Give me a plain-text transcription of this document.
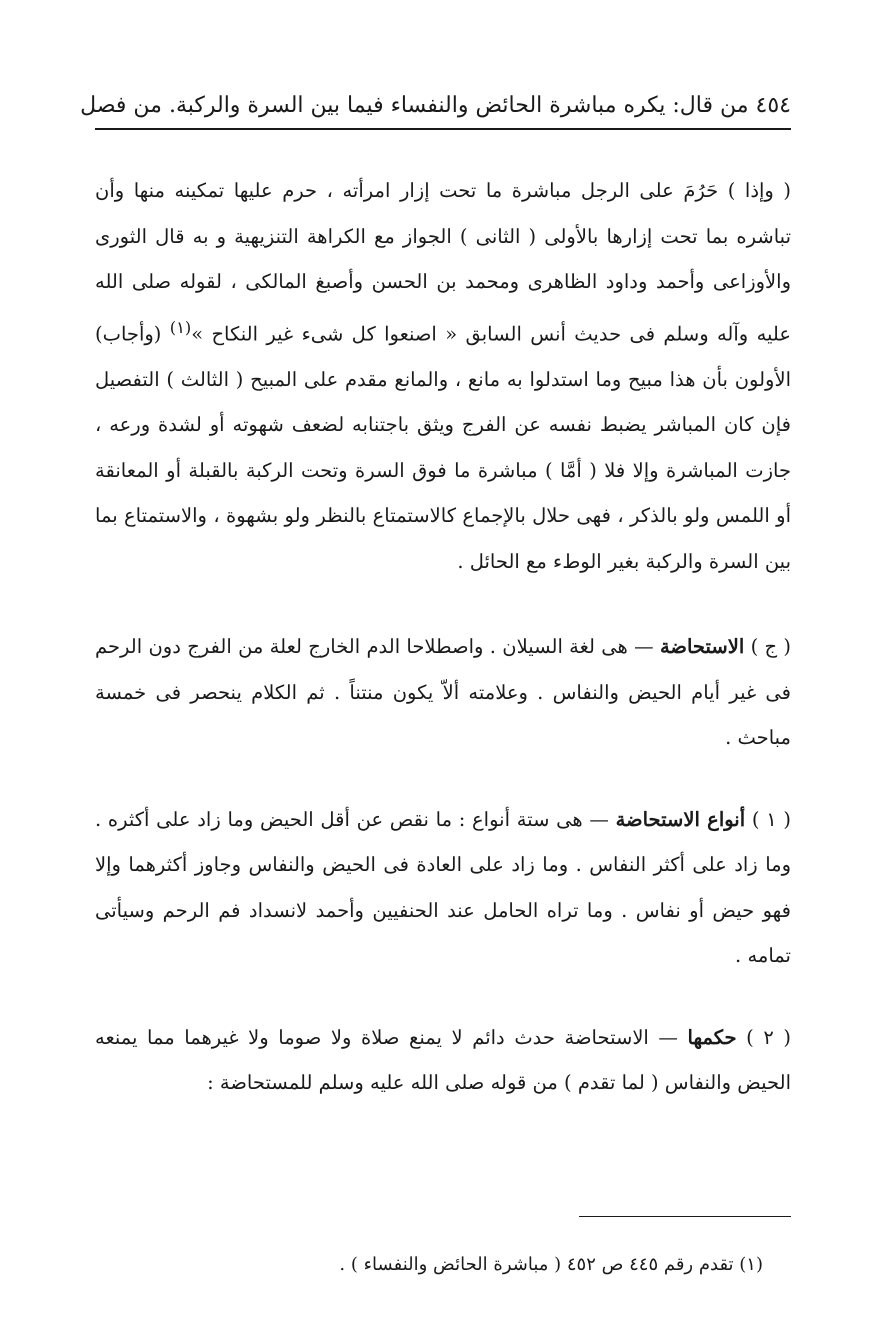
٤٥٤ من قال: يكره مباشرة الحائض والنفساء فيما بين السرة والركبة. من فصل

( وإذا ) حَرُمَ على الرجل مباشرة ما تحت إزار امرأته ، حرم عليها تمكينه منها وأن تباشره بما تحت إزارها بالأولى ( الثانى ) الجواز مع الكراهة التنزيهية و به قال الثورى والأوزاعى وأحمد وداود الظاهرى ومحمد بن الحسن وأصبغ المالكى ، لقوله صلى الله عليه وآله وسلم فى حديث أنس السابق « اصنعوا كل شىء غير النكاح »$^{(١)}$ (وأجاب) الأولون بأن هذا مبيح وما استدلوا به مانع ، والمانع مقدم على المبيح ( الثالث ) التفصيل فإن كان المباشر يضبط نفسه عن الفرج ويثق باجتنابه لضعف شهوته أو لشدة ورعه ، جازت المباشرة وإلا فلا ( أمَّا ) مباشرة ما فوق السرة وتحت الركبة بالقبلة أو المعانقة أو اللمس ولو بالذكر ، فهى حلال بالإجماع كالاستمتاع بالنظر ولو بشهوة ، والاستمتاع بما بين السرة والركبة بغير الوطء مع الحائل .

( ج ) الاستحاضة — هى لغة السيلان . واصطلاحا الدم الخارج لعلة من الفرج دون الرحم فى غير أيام الحيض والنفاس . وعلامته ألاّ يكون منتناً . ثم الكلام ينحصر فى خمسة مباحث .

( ١ ) أنواع الاستحاضة — هى ستة أنواع : ما نقص عن أقل الحيض وما زاد على أكثره . وما زاد على أكثر النفاس . وما زاد على العادة فى الحيض والنفاس وجاوز أكثرهما وإلا فهو حيض أو نفاس . وما تراه الحامل عند الحنفيين وأحمد لانسداد فم الرحم وسيأتى تمامه .

( ٢ ) حكمها — الاستحاضة حدث دائم لا يمنع صلاة ولا صوما ولا غيرهما مما يمنعه الحيض والنفاس ( لما تقدم ) من قوله صلى الله عليه وسلم للمستحاضة :

(١) تقدم رقم ٤٤٥ ص ٤٥٢ ( مباشرة الحائض والنفساء ) .
